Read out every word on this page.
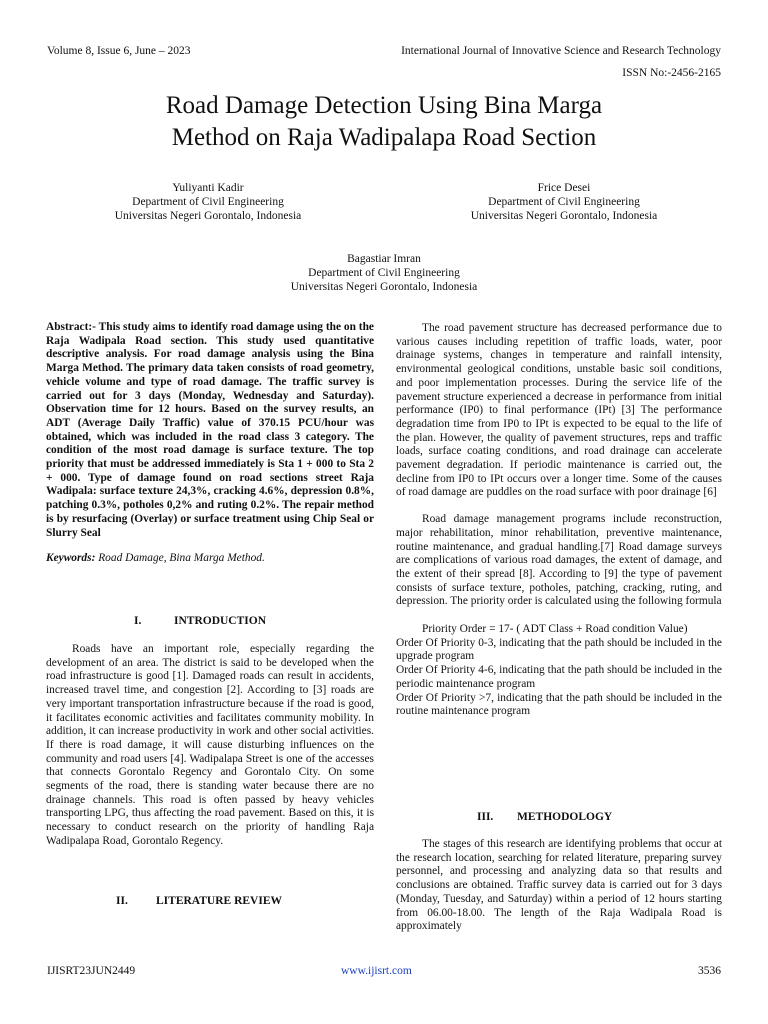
Volume 8, Issue 6, June – 2023	International Journal of Innovative Science and Research Technology
ISSN No:-2456-2165
Road Damage Detection Using Bina Marga
Method on Raja Wadipalapa Road Section
Yuliyanti Kadir
Department of Civil Engineering
Universitas Negeri Gorontalo, Indonesia
Frice Desei
Department of Civil Engineering
Universitas Negeri Gorontalo, Indonesia
Bagastiar Imran
Department of Civil Engineering
Universitas Negeri Gorontalo, Indonesia

Abstract:- This study aims to identify road damage using the on the Raja Wadipala Road section. This study used quantitative descriptive analysis. For road damage analysis using the Bina Marga Method. The primary data taken consists of road geometry, vehicle volume and type of road damage. The traffic survey is carried out for 3 days (Monday, Wednesday and Saturday). Observation time for 12 hours. Based on the survey results, an ADT (Average Daily Traffic) value of 370.15 PCU/hour was obtained, which was included in the road class 3 category. The condition of the most road damage is surface texture. The top priority that must be addressed immediately is Sta 1 + 000 to Sta 2 + 000. Type of damage found on road sections street Raja Wadipala: surface texture 24,3%, cracking 4.6%, depression 0.8%, patching 0.3%, potholes 0,2% and ruting 0.2%. The repair method is by resurfacing (Overlay) or surface treatment using Chip Seal or Slurry Seal

Keywords: Road Damage, Bina Marga Method.

I.	INTRODUCTION

Roads have an important role, especially regarding the development of an area. The district is said to be developed when the road infrastructure is good [1]. Damaged roads can result in accidents, increased travel time, and congestion [2]. According to [3] roads are very important transportation infrastructure because if the road is good, it facilitates economic activities and facilitates community mobility. In addition, it can increase productivity in work and other social activities. If there is road damage, it will cause disturbing influences on the community and road users [4]. Wadipalapa Street is one of the accesses that connects Gorontalo Regency and Gorontalo City. On some segments of the road, there is standing water because there are no drainage channels. This road is often passed by heavy vehicles transporting LPG, thus affecting the road pavement. Based on this, it is necessary to conduct research on the priority of handling Raja Wadipalapa Road, Gorontalo Regency.

II. LITERATURE REVIEW

The road pavement structure has decreased performance due to various causes including repetition of traffic loads, water, poor drainage systems, changes in temperature and rainfall intensity, environmental geological conditions, unstable basic soil conditions, and poor implementation processes. During the service life of the pavement structure experienced a decrease in performance from initial performance (IP0) to final performance (IPt) [3] The performance degradation time from IP0 to IPt is expected to be equal to the life of the plan. However, the quality of pavement structures, reps and traffic loads, surface coating conditions, and road drainage can accelerate pavement degradation. If periodic maintenance is carried out, the decline from IP0 to IPt occurs over a longer time. Some of the causes of road damage are puddles on the road surface with poor drainage [6]

Road damage management programs include reconstruction, major rehabilitation, minor rehabilitation, preventive maintenance, routine maintenance, and gradual handling.[7] Road damage surveys are complications of various road damages, the extent of damage, and the extent of their spread [8]. According to [9] the type of pavement consists of surface texture, potholes, patching, cracking, ruting, and depression. The priority order is calculated using the following formula

Priority Order = 17- ( ADT Class + Road condition Value)

Order Of Priority 0-3, indicating that the path should be included in the upgrade program

Order Of Priority 4-6, indicating that the path should be included in the periodic maintenance program

Order Of Priority >7, indicating that the path should be included in the routine maintenance program

III. METHODOLOGY

The stages of this research are identifying problems that occur at the research location, searching for related literature, preparing survey personnel, and processing and analyzing data so that results and conclusions are obtained. Traffic survey data is carried out for 3 days (Monday, Tuesday, and Saturday) within a period of 12 hours starting from 06.00-18.00. The length of the Raja Wadipala Road is approximately

IJISRT23JUN2449	www.ijisrt.com	3536
